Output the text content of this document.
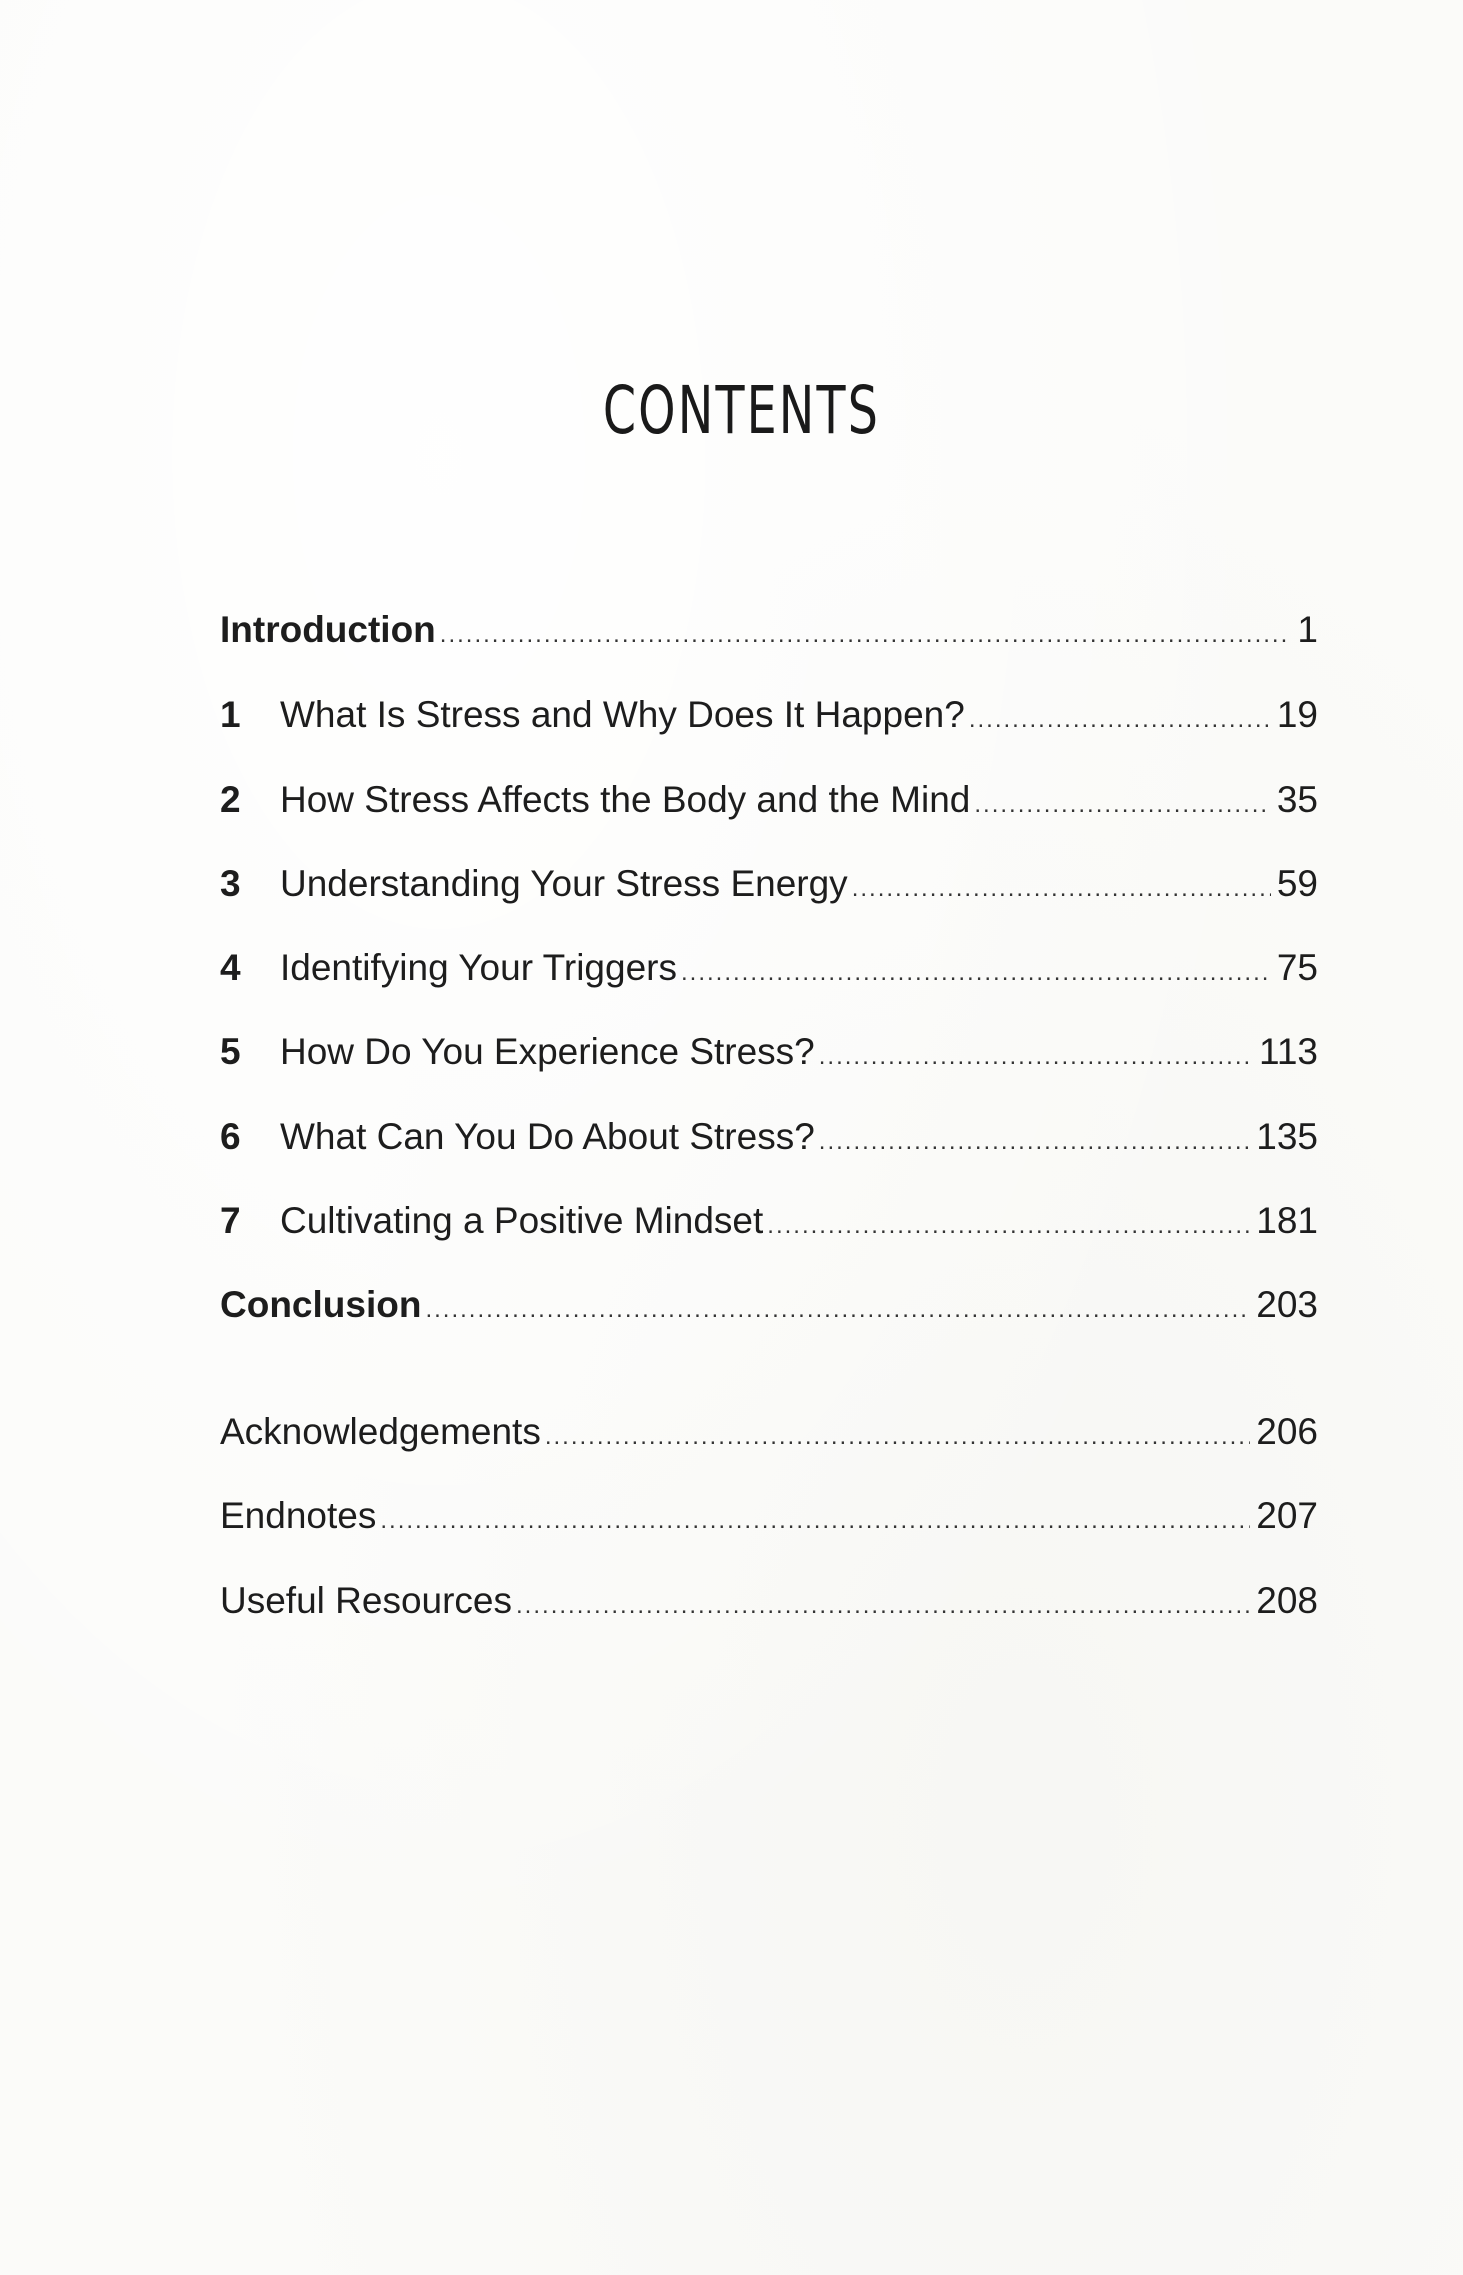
CONTENTS
Introduction .....	1
1	What Is Stress and Why Does It Happen? .....	19
2	How Stress Affects the Body and the Mind .....	35
3	Understanding Your Stress Energy .....	59
4	Identifying Your Triggers .....	75
5	How Do You Experience Stress? .....	113
6	What Can You Do About Stress? .....	135
7	Cultivating a Positive Mindset .....	181
Conclusion .....	203
Acknowledgements .....	206
Endnotes .....	207
Useful Resources .....	208
